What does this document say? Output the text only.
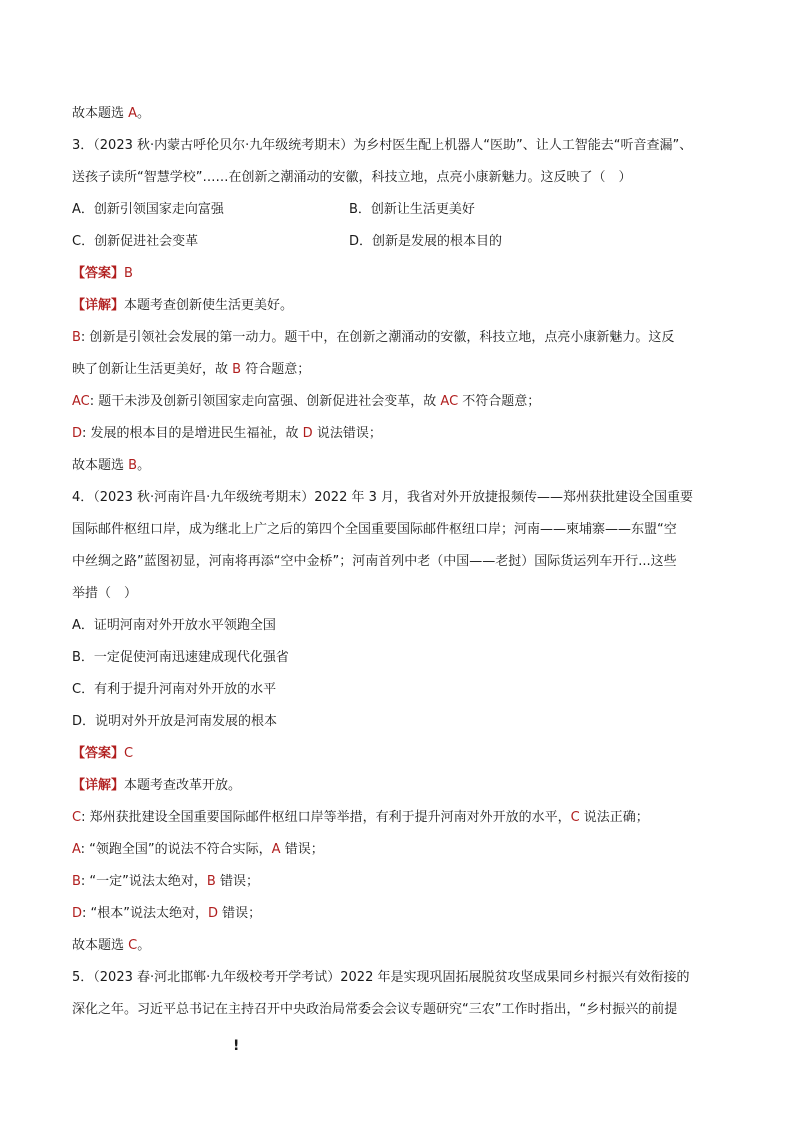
故本题选 A。
3．（2023 秋·内蒙古呼伦贝尔·九年级统考期末）为乡村医生配上机器人“医助”、让人工智能去“听音查漏”、
送孩子读所“智慧学校”……在创新之潮涌动的安徽，科技立地，点亮小康新魅力。这反映了（　）
A．创新引领国家走向富强	B．创新让生活更美好
C．创新促进社会变革	D．创新是发展的根本目的
【答案】B
【详解】本题考查创新使生活更美好。
B: 创新是引领社会发展的第一动力。题干中，在创新之潮涌动的安徽，科技立地，点亮小康新魅力。这反
映了创新让生活更美好，故 B 符合题意；
AC: 题干未涉及创新引领国家走向富强、创新促进社会变革，故 AC 不符合题意；
D: 发展的根本目的是增进民生福祉，故 D 说法错误；
故本题选 B。
4．（2023 秋·河南许昌·九年级统考期末）2022 年 3 月，我省对外开放捷报频传——郑州获批建设全国重要
国际邮件枢纽口岸，成为继北上广之后的第四个全国重要国际邮件枢纽口岸；河南——柬埔寨——东盟“空
中丝绸之路”蓝图初显，河南将再添“空中金桥”；河南首列中老（中国——老挝）国际货运列车开行...这些
举措（　）
A．证明河南对外开放水平领跑全国
B．一定促使河南迅速建成现代化强省
C．有利于提升河南对外开放的水平
D．说明对外开放是河南发展的根本
【答案】C
【详解】本题考查改革开放。
C: 郑州获批建设全国重要国际邮件枢纽口岸等举措，有利于提升河南对外开放的水平，C 说法正确；
A: “领跑全国”的说法不符合实际，A 错误；
B: “一定”说法太绝对，B 错误；
D: “根本”说法太绝对，D 错误；
故本题选 C。
5．（2023 春·河北邯郸·九年级校考开学考试）2022 年是实现巩固拓展脱贫攻坚成果同乡村振兴有效衔接的
深化之年。习近平总书记在主持召开中央政治局常委会会议专题研究“三农”工作时指出，“乡村振兴的前提
!
